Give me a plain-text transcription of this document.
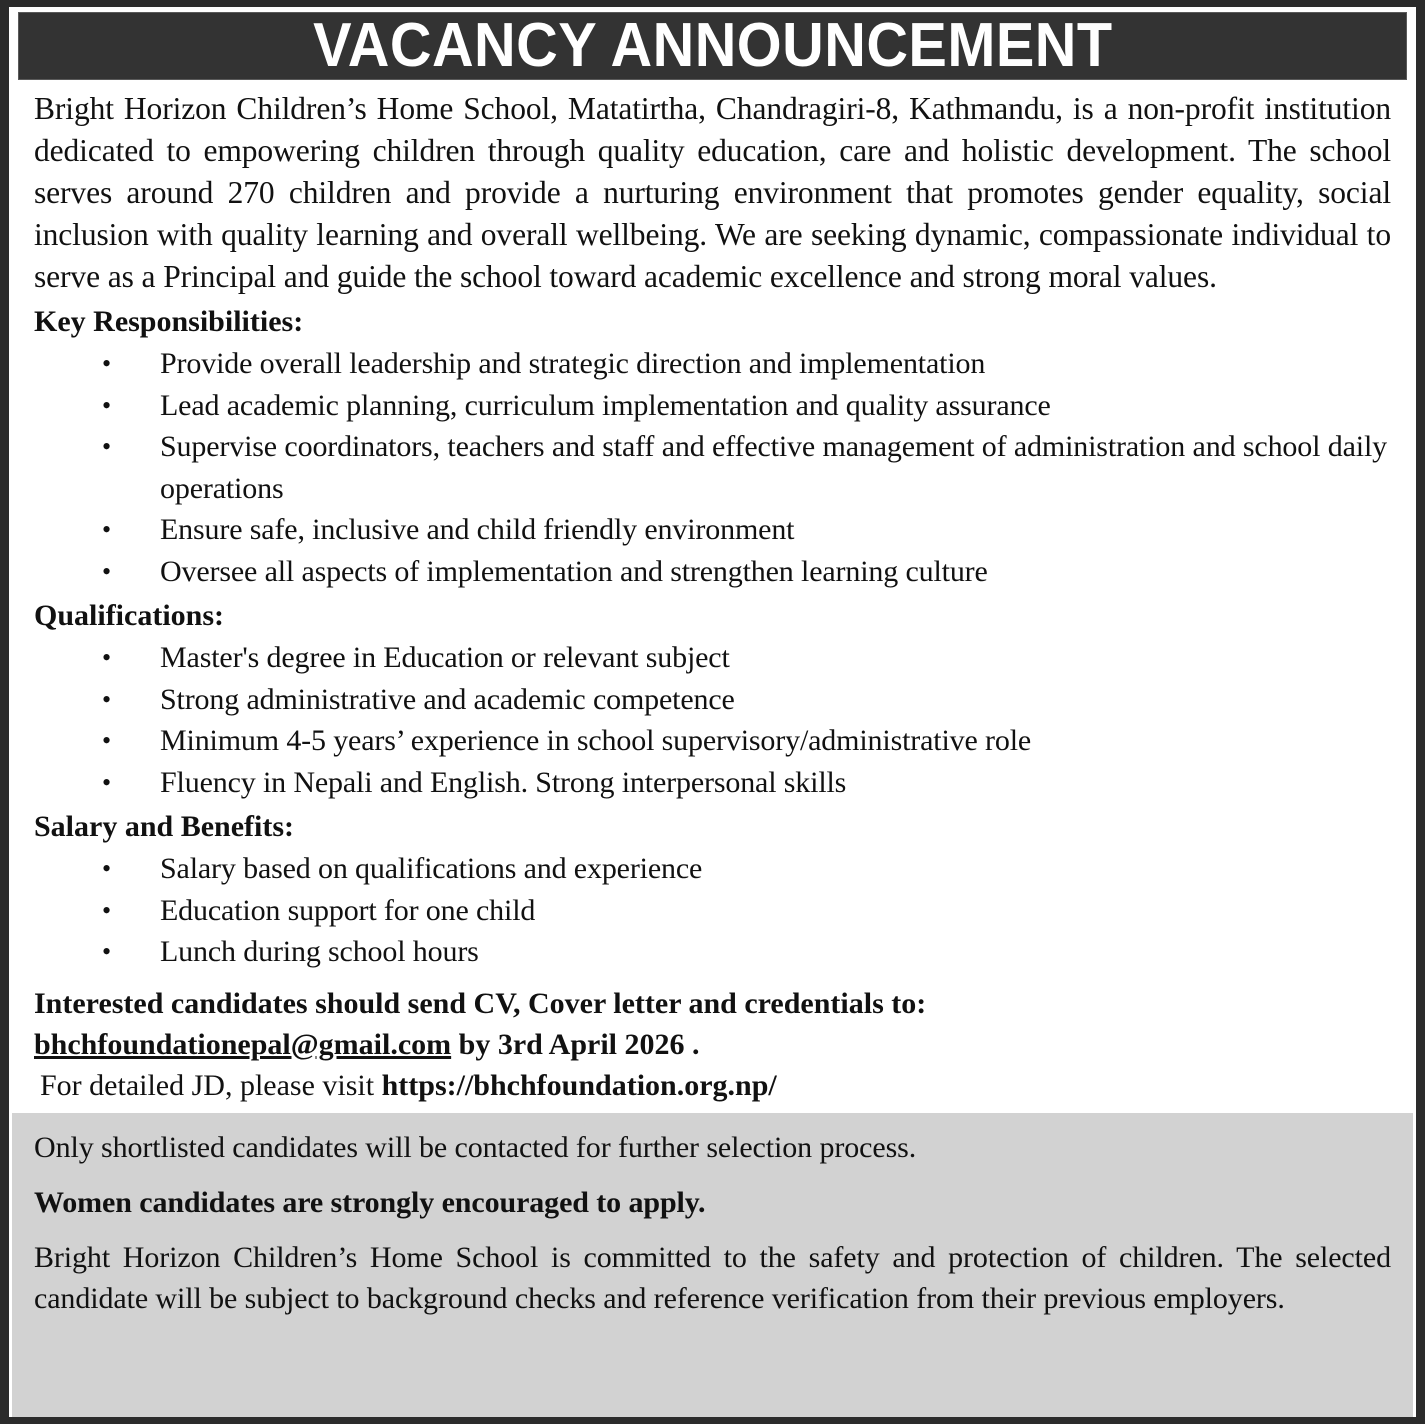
VACANCY ANNOUNCEMENT

Bright Horizon Children’s Home School, Matatirtha, Chandragiri-8, Kathmandu, is a non-profit institution dedicated to empowering children through quality education, care and holistic development. The school serves around 270 children and provide a nurturing environment that promotes gender equality, social inclusion with quality learning and overall wellbeing. We are seeking dynamic, compassionate individual to serve as a Principal and guide the school toward academic excellence and strong moral values.

Key Responsibilities:
• Provide overall leadership and strategic direction and implementation
• Lead academic planning, curriculum implementation and quality assurance
• Supervise coordinators, teachers and staff and effective management of administration and school daily operations
• Ensure safe, inclusive and child friendly environment
• Oversee all aspects of implementation and strengthen learning culture
Qualifications:
• Master's degree in Education or relevant subject
• Strong administrative and academic competence
• Minimum 4-5 years’ experience in school supervisory/administrative role
• Fluency in Nepali and English. Strong interpersonal skills
Salary and Benefits:
• Salary based on qualifications and experience
• Education support for one child
• Lunch during school hours
Interested candidates should send CV, Cover letter and credentials to:
bhchfoundationepal@gmail.com by 3rd April 2026 .
For detailed JD, please visit https://bhchfoundation.org.np/

Only shortlisted candidates will be contacted for further selection process.

Women candidates are strongly encouraged to apply.

Bright Horizon Children’s Home School is committed to the safety and protection of children. The selected candidate will be subject to background checks and reference verification from their previous employers.
